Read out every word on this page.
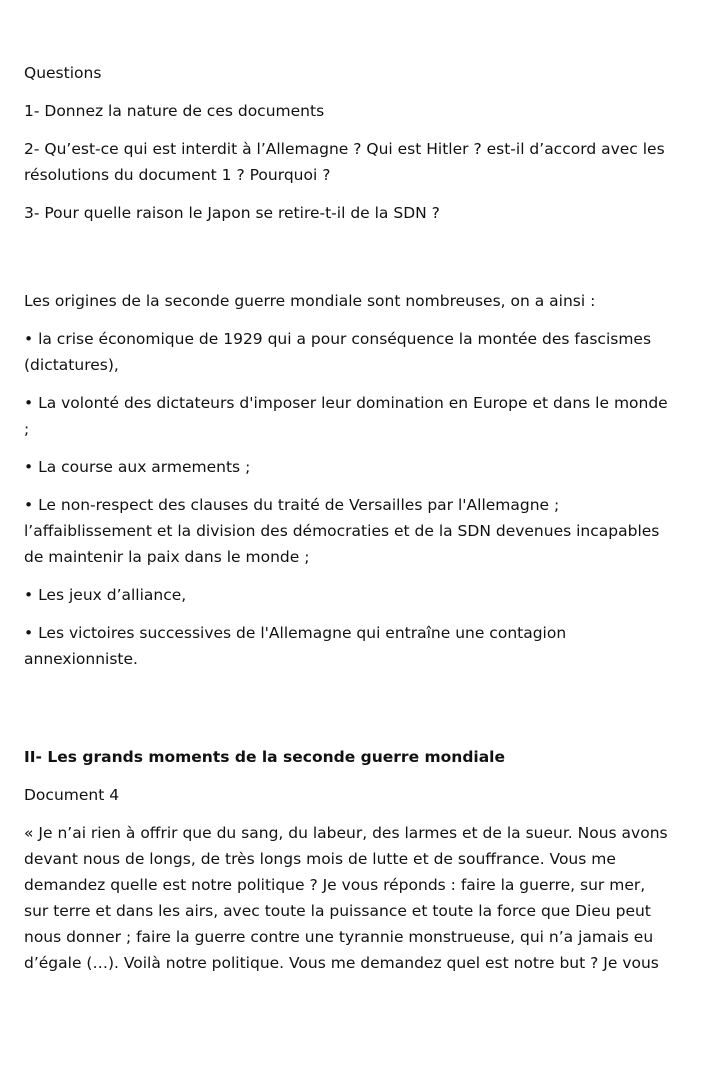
Questions
1- Donnez la nature de ces documents
2- Qu’est-ce qui est interdit à l’Allemagne ? Qui est Hitler ? est-il d’accord avec les
résolutions du document 1 ? Pourquoi ?
3- Pour quelle raison le Japon se retire-t-il de la SDN ?
Les origines de la seconde guerre mondiale sont nombreuses, on a ainsi :
• la crise économique de 1929 qui a pour conséquence la montée des fascismes
(dictatures),
• La volonté des dictateurs d'imposer leur domination en Europe et dans le monde
;
• La course aux armements ;
• Le non-respect des clauses du traité de Versailles par l'Allemagne ;
l’affaiblissement et la division des démocraties et de la SDN devenues incapables
de maintenir la paix dans le monde ;
• Les jeux d’alliance,
• Les victoires successives de l'Allemagne qui entraîne une contagion
annexionniste.
II- Les grands moments de la seconde guerre mondiale
Document 4
« Je n’ai rien à offrir que du sang, du labeur, des larmes et de la sueur. Nous avons
devant nous de longs, de très longs mois de lutte et de souffrance. Vous me
demandez quelle est notre politique ? Je vous réponds : faire la guerre, sur mer,
sur terre et dans les airs, avec toute la puissance et toute la force que Dieu peut
nous donner ; faire la guerre contre une tyrannie monstrueuse, qui n’a jamais eu
d’égale (…). Voilà notre politique. Vous me demandez quel est notre but ? Je vous
